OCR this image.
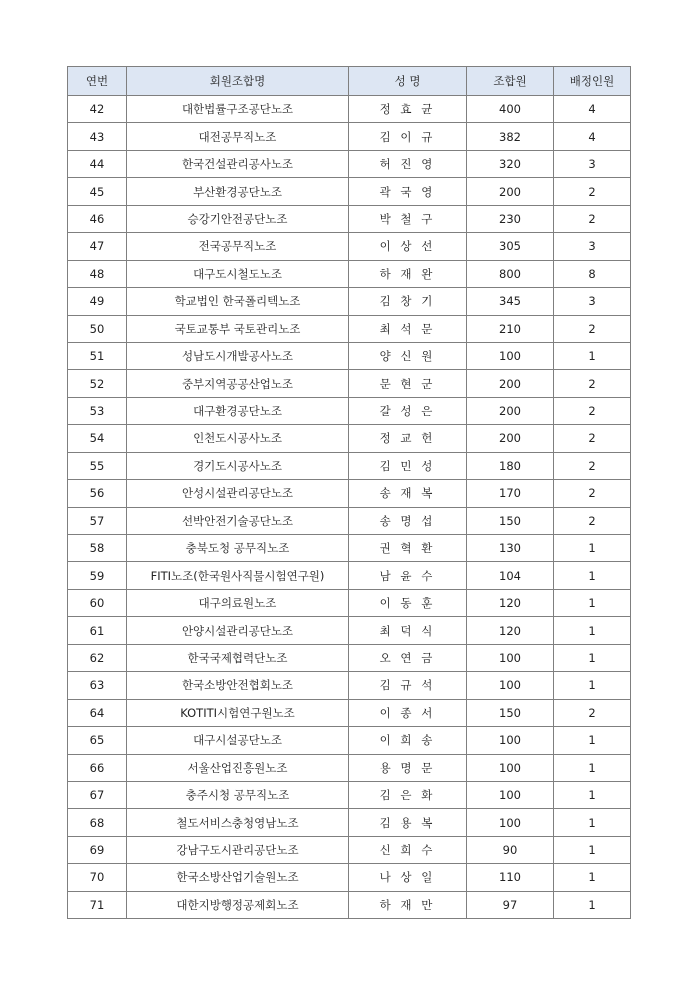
연번	회원조합명	성 명	조합원	배정인원
42	대한법률구조공단노조	정 효 균	400	4
43	대전공무직노조	김 이 규	382	4
44	한국건설관리공사노조	허 진 영	320	3
45	부산환경공단노조	곽 국 영	200	2
46	승강기안전공단노조	박 철 구	230	2
47	전국공무직노조	이 상 선	305	3
48	대구도시철도노조	하 재 완	800	8
49	학교법인 한국폴리텍노조	김 창 기	345	3
50	국토교통부 국토관리노조	최 석 문	210	2
51	성남도시개발공사노조	양 신 원	100	1
52	중부지역공공산업노조	문 현 군	200	2
53	대구환경공단노조	갈 성 은	200	2
54	인천도시공사노조	정 교 헌	200	2
55	경기도시공사노조	김 민 성	180	2
56	안성시설관리공단노조	송 재 복	170	2
57	선박안전기술공단노조	송 명 섭	150	2
58	충북도청 공무직노조	권 혁 환	130	1
59	FITI노조(한국원사직물시험연구원)	남 윤 수	104	1
60	대구의료원노조	이 동 훈	120	1
61	안양시설관리공단노조	최 덕 식	120	1
62	한국국제협력단노조	오 연 금	100	1
63	한국소방안전협회노조	김 규 석	100	1
64	KOTITI시험연구원노조	이 종 서	150	2
65	대구시설공단노조	이 희 송	100	1
66	서울산업진흥원노조	용 명 문	100	1
67	충주시청 공무직노조	김 은 화	100	1
68	철도서비스충청영남노조	김 용 복	100	1
69	강남구도시관리공단노조	신 희 수	90	1
70	한국소방산업기술원노조	나 상 일	110	1
71	대한지방행정공제회노조	하 재 만	97	1
